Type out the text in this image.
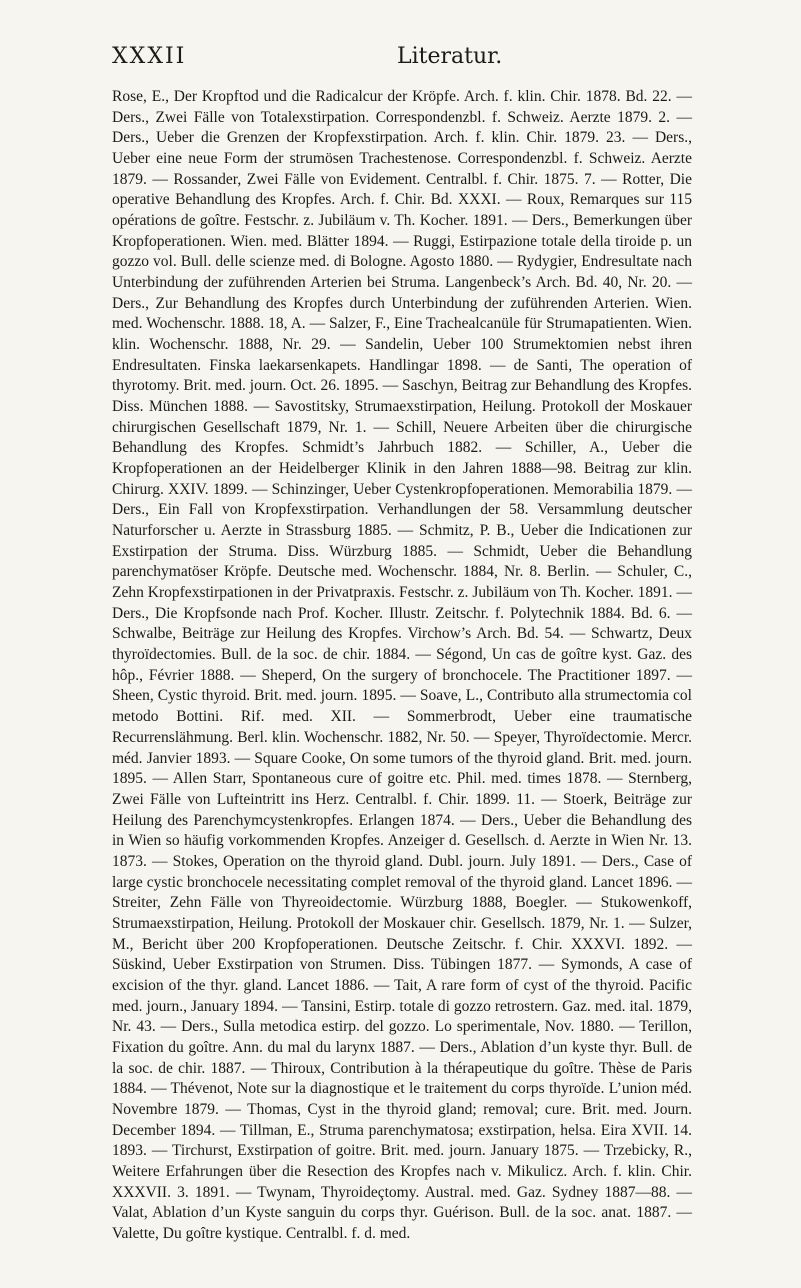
XXXII	Literatur.

Rose, E., Der Kropftod und die Radicalcur der Kröpfe. Arch. f. klin. Chir. 1878. Bd. 22. — Ders., Zwei Fälle von Totalexstirpation. Correspondenzbl. f. Schweiz. Aerzte 1879. 2. — Ders., Ueber die Grenzen der Kropfexstirpation. Arch. f. klin. Chir. 1879. 23. — Ders., Ueber eine neue Form der strumösen Trachestenose. Correspondenzbl. f. Schweiz. Aerzte 1879. — Rossander, Zwei Fälle von Evidement. Centralbl. f. Chir. 1875. 7. — Rotter, Die operative Behandlung des Kropfes. Arch. f. Chir. Bd. XXXI. — Roux, Remarques sur 115 opérations de goître. Festschr. z. Jubiläum v. Th. Kocher. 1891. — Ders., Bemerkungen über Kropfoperationen. Wien. med. Blätter 1894. — Ruggi, Estirpazione totale della tiroide p. un gozzo vol. Bull. delle scienze med. di Bologne. Agosto 1880. — Rydygier, Endresultate nach Unterbindung der zuführenden Arterien bei Struma. Langenbeck’s Arch. Bd. 40, Nr. 20. — Ders., Zur Behandlung des Kropfes durch Unterbindung der zuführenden Arterien. Wien. med. Wochenschr. 1888. 18, A. — Salzer, F., Eine Trachealcanüle für Strumapatienten. Wien. klin. Wochenschr. 1888, Nr. 29. — Sandelin, Ueber 100 Strumektomien nebst ihren Endresultaten. Finska laekarsenkapets. Handlingar 1898. — de Santi, The operation of thyrotomy. Brit. med. journ. Oct. 26. 1895. — Saschyn, Beitrag zur Behandlung des Kropfes. Diss. München 1888. — Savostitsky, Strumaexstirpation, Heilung. Protokoll der Moskauer chirurgischen Gesellschaft 1879, Nr. 1. — Schill, Neuere Arbeiten über die chirurgische Behandlung des Kropfes. Schmidt’s Jahrbuch 1882. — Schiller, A., Ueber die Kropfoperationen an der Heidelberger Klinik in den Jahren 1888—98. Beitrag zur klin. Chirurg. XXIV. 1899. — Schinzinger, Ueber Cystenkropfoperationen. Memorabilia 1879. — Ders., Ein Fall von Kropfexstirpation. Verhandlungen der 58. Versammlung deutscher Naturforscher u. Aerzte in Strassburg 1885. — Schmitz, P. B., Ueber die Indicationen zur Exstirpation der Struma. Diss. Würzburg 1885. — Schmidt, Ueber die Behandlung parenchymatöser Kröpfe. Deutsche med. Wochenschr. 1884, Nr. 8. Berlin. — Schuler, C., Zehn Kropfexstirpationen in der Privatpraxis. Festschr. z. Jubiläum von Th. Kocher. 1891. — Ders., Die Kropfsonde nach Prof. Kocher. Illustr. Zeitschr. f. Polytechnik 1884. Bd. 6. — Schwalbe, Beiträge zur Heilung des Kropfes. Virchow’s Arch. Bd. 54. — Schwartz, Deux thyroïdectomies. Bull. de la soc. de chir. 1884. — Ségond, Un cas de goître kyst. Gaz. des hôp., Février 1888. — Sheperd, On the surgery of bronchocele. The Practitioner 1897. — Sheen, Cystic thyroid. Brit. med. journ. 1895. — Soave, L., Contributo alla strumectomia col metodo Bottini. Rif. med. XII. — Sommerbrodt, Ueber eine traumatische Recurrenslähmung. Berl. klin. Wochenschr. 1882, Nr. 50. — Speyer, Thyroïdectomie. Mercr. méd. Janvier 1893. — Square Cooke, On some tumors of the thyroid gland. Brit. med. journ. 1895. — Allen Starr, Spontaneous cure of goitre etc. Phil. med. times 1878. — Sternberg, Zwei Fälle von Lufteintritt ins Herz. Centralbl. f. Chir. 1899. 11. — Stoerk, Beiträge zur Heilung des Parenchymcystenkropfes. Erlangen 1874. — Ders., Ueber die Behandlung des in Wien so häufig vorkommenden Kropfes. Anzeiger d. Gesellsch. d. Aerzte in Wien Nr. 13. 1873. — Stokes, Operation on the thyroid gland. Dubl. journ. July 1891. — Ders., Case of large cystic bronchocele necessitating complet removal of the thyroid gland. Lancet 1896. — Streiter, Zehn Fälle von Thyreoidectomie. Würzburg 1888, Boegler. — Stukowenkoff, Strumaexstirpation, Heilung. Protokoll der Moskauer chir. Gesellsch. 1879, Nr. 1. — Sulzer, M., Bericht über 200 Kropfoperationen. Deutsche Zeitschr. f. Chir. XXXVI. 1892. — Süskind, Ueber Exstirpation von Strumen. Diss. Tübingen 1877. — Symonds, A case of excision of the thyr. gland. Lancet 1886. — Tait, A rare form of cyst of the thyroid. Pacific med. journ., January 1894. — Tansini, Estirp. totale di gozzo retrostern. Gaz. med. ital. 1879, Nr. 43. — Ders., Sulla metodica estirp. del gozzo. Lo sperimentale, Nov. 1880. — Terillon, Fixation du goître. Ann. du mal du larynx 1887. — Ders., Ablation d’un kyste thyr. Bull. de la soc. de chir. 1887. — Thiroux, Contribution à la thérapeutique du goître. Thèse de Paris 1884. — Thévenot, Note sur la diagnostique et le traitement du corps thyroïde. L’union méd. Novembre 1879. — Thomas, Cyst in the thyroid gland; removal; cure. Brit. med. Journ. December 1894. — Tillman, E., Struma parenchymatosa; exstirpation, helsa. Eira XVII. 14. 1893. — Tirchurst, Exstirpation of goitre. Brit. med. journ. January 1875. — Trzebicky, R., Weitere Erfahrungen über die Resection des Kropfes nach v. Mikulicz. Arch. f. klin. Chir. XXXVII. 3. 1891. — Twynam, Thyroideçtomy. Austral. med. Gaz. Sydney 1887—88. — Valat, Ablation d’un Kyste sanguin du corps thyr. Guérison. Bull. de la soc. anat. 1887. — Valette, Du goître kystique. Centralbl. f. d. med.
